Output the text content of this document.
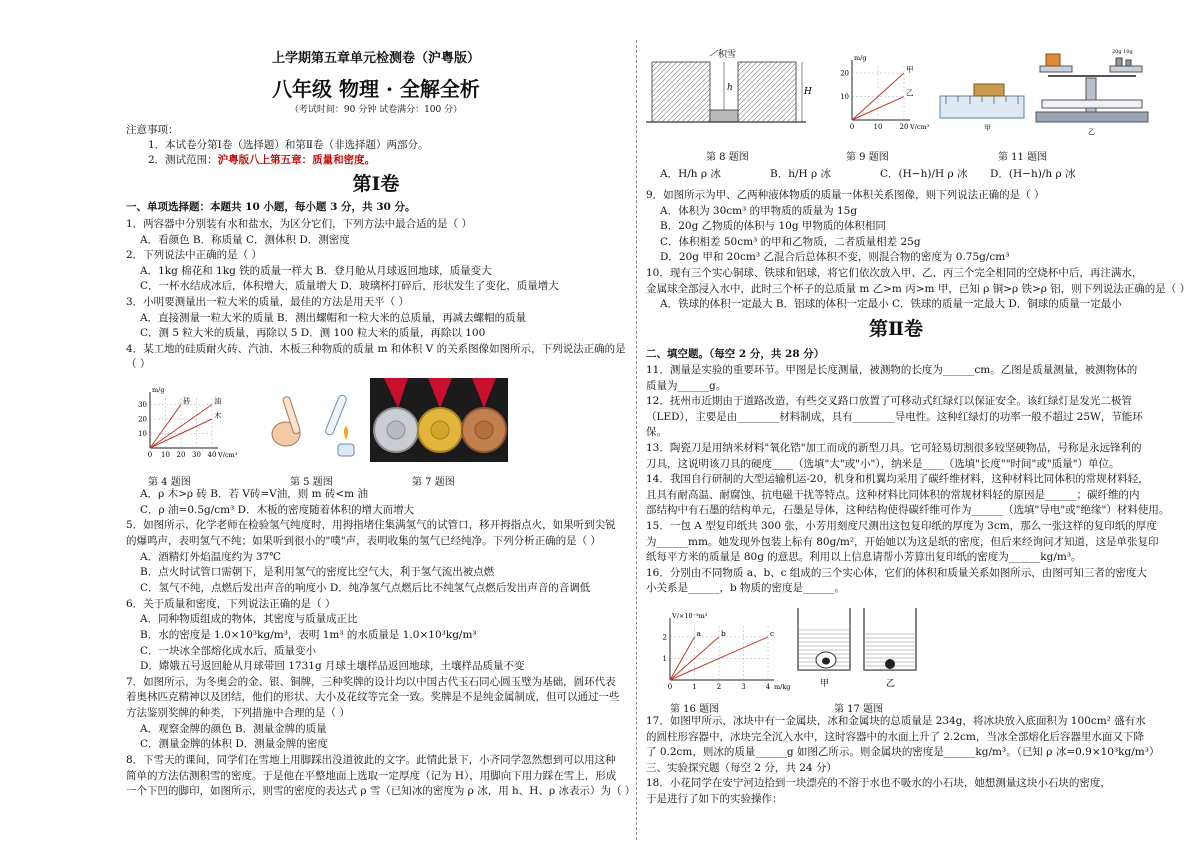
上学期第五章单元检测卷（沪粤版）
八年级 物理 · 全解全析
（考试时间：90 分钟 试卷满分：100 分）
注意事项：
1．本试卷分第Ⅰ卷（选择题）和第Ⅱ卷（非选择题）两部分。
2．测试范围：沪粤版八上第五章：质量和密度。
第Ⅰ卷
一、单项选择题：本题共 10 小题，每小题 3 分，共 30 分。
1．两容器中分别装有水和盐水，为区分它们，下列方法中最合适的是（ ）
A．看颜色 B．称质量 C．测体积 D．测密度
2．下列说法中正确的是（ ）
A．1kg 棉花和 1kg 铁的质量一样大 B．登月舱从月球返回地球，质量变大
C．一杯水结成冰后，体积增大，质量增大 D．玻璃杯打碎后，形状发生了变化，质量增大
3．小明要测量出一粒大米的质量，最佳的方法是用天平（ ）
A．直接测量一粒大米的质量 B．测出螺帽和一粒大米的总质量，再减去螺帽的质量
C．测 5 粒大米的质量，再除以 5 D．测 100 粒大米的质量，再除以 100
4．某工地的硅质耐火砖、汽油、木板三种物质的质量 m 和体积 V 的关系图像如图所示，下列说法正确的是
（ ）
0 10 20 30 40
10
20
30
V/cm³
m/g
砖	油
木
第 4 题图	第 5 题图	第 7 题图
A．ρ 木>ρ 砖 B．若 V砖=V油，则 m 砖<m 油
C．ρ 油=0.5g/cm³ D．木板的密度随着体积的增大而增大
5．如图所示，化学老师在检验氢气纯度时，用拇指堵住集满氢气的试管口，移开拇指点火，如果听到尖锐
的爆鸣声，表明氢气不纯；如果听到很小的"噗"声，表明收集的氢气已经纯净。下列分析正确的是（ ）
A．酒精灯外焰温度约为 37℃
B．点火时试管口需朝下，是利用氢气的密度比空气大，利于氢气流出被点燃
C．氢气不纯，点燃后发出声音的响度小 D．纯净氢气点燃后比不纯氢气点燃后发出声音的音调低
6．关于质量和密度，下列说法正确的是（ ）
A．同种物质组成的物体，其密度与质量成正比
B．水的密度是 1.0×10³kg/m³，表明 1m³ 的水质量是 1.0×10³kg/m³
C．一块冰全部熔化成水后，质量变小
D．嫦娥五号返回舱从月球带回 1731g 月球土壤样品返回地球，土壤样品质量不变
7．如图所示，为冬奥会的金、银、铜牌，三种奖牌的设计均以中国古代玉石同心圆玉璧为基础，圆环代表
着奥林匹克精神以及团结，他们的形状、大小及花纹等完全一致。奖牌是不是纯金属制成，但可以通过一些
方法鉴别奖牌的种类，下列措施中合理的是（ ）
A．观察金牌的颜色 B．测量金牌的质量
C．测量金牌的体积 D．测量金牌的密度
8．下雪天的课间，同学们在雪地上用脚踩出没道彼此的文字。此情此景下，小齐同学忽然想到可以用这种
简单的方法估测积雪的密度。于是他在平整地面上选取一定厚度（记为 H），用脚向下用力踩在雪上，形成
一个下凹的脚印，如图所示，则雪的密度的表达式 ρ 雪（已知冰的密度为 ρ 冰，用 h、H、ρ 冰表示）为（ ）
积雪
h	H
0	10 20
10
20
V/cm³
m/g
甲
乙
甲
20g 10g
乙
第 8 题图	第 9 题图	第 11 题图
A．H/h ρ 冰	B．h/H ρ 冰	C．(H−h)/H ρ 冰 D．(H−h)/h ρ 冰
9．如图所示为甲、乙两种液体物质的质量一体积关系图像，则下列说法正确的是（ ）
A．体积为 30cm³ 的甲物质的质量为 15g
B．20g 乙物质的体积与 10g 甲物质的体积相同
C．体积相差 50cm³ 的甲和乙物质，二者质量相差 25g
D．20g 甲和 20cm³ 乙混合后总体积不变，则混合物的密度为 0.75g/cm³
10．现有三个实心铜球、铁球和铝球，将它们依次放入甲、乙、丙三个完全相同的空烧杯中后，再注满水，
金属球全部浸入水中，此时三个杯子的总质量 m 乙>m 丙>m 甲，已知 ρ 铜>ρ 铁>ρ 铝，则下列说法正确的是（ ）
A．铁球的体积一定最大 B．铝球的体积一定最小 C．铁球的质量一定最大 D．铜球的质量一定最小
第Ⅱ卷
二、填空题。（每空 2 分，共 28 分）
11．测量是实验的重要环节。甲图是长度测量，被测物的长度为______cm。乙图是质量测量，被测物体的
质量为______g。
12．抚州市近期由于道路改造，有些交叉路口放置了可移动式红绿灯以保证安全。该红绿灯是发光二极管
（LED），主要是由________材料制成，具有________导电性。这种红绿灯的功率一般不超过 25W，节能环
保。
13．陶瓷刀是用纳米材料"氧化锆"加工而成的新型刀具。它可轻易切割很多较坚硬物品，号称是永远锋利的
刀具，这说明该刀具的硬度____（选填"大"或"小"），纳米是____（选填"长度""时间"或"质量"）单位。
14．我国自行研制的大型运输机运-20，机身和机翼均采用了碳纤维材料，这种材料比同体积的常规材料轻，
且具有耐高温、耐腐蚀、抗电磁干扰等特点。这种材料比同体积的常规材料轻的原因是______；碳纤维的内
部结构中有石墨的结构单元，石墨是导体，这种结构使得碳纤维可作为______（选填"导电"或"绝缘"）材料使用。
15．一包 A 型复印纸共 300 张，小芳用刻度尺测出这包复印纸的厚度为 3cm，那么一张这样的复印纸的厚度
为______mm。她发现外包装上标有 80g/m²，开始她以为这是纸的密度，但后来经询问才知道，这是单张复印
纸每平方米的质量是 80g 的意思。利用以上信息请帮小芳算出复印纸的密度为______kg/m³。
16．分别由不同物质 a、b、c 组成的三个实心体，它们的体积和质量关系如图所示，由图可知三者的密度大
小关系是______，b 物质的密度是______。
0	1	2	3	4
1
2
m/kg
V/×10⁻³m³
a	b	c
甲	乙
第 16 题图	第 17 题图
17．如图甲所示，冰块中有一金属块，冰和金属块的总质量是 234g，将冰块放入底面积为 100cm² 盛有水
的圆柱形容器中，冰块完全沉入水中，这时容器中的水面上升了 2.2cm，当冰全部熔化后容器里水面又下降
了 0.2cm，则冰的质量______g 如图乙所示。则金属块的密度是______kg/m³。（已知 ρ 冰=0.9×10³kg/m³）
三、实验探究题（每空 2 分，共 24 分）
18．小花同学在安宁河边拾到一块漂亮的不溶于水也不吸水的小石块，她想测量这块小石块的密度，
于是进行了如下的实验操作：
